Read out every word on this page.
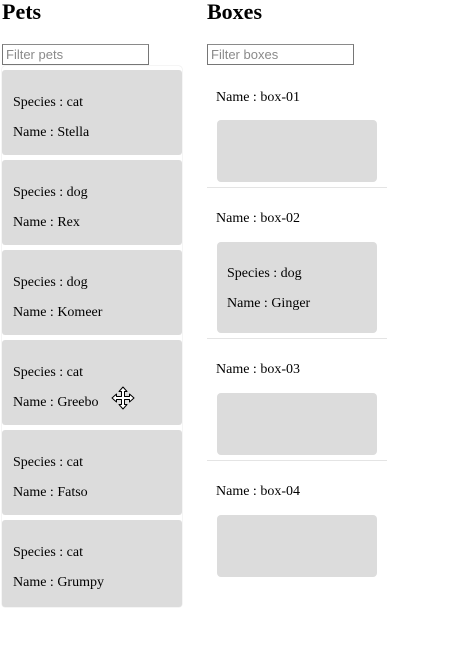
Pets
Filter pets
Species : cat
Name : Stella
Species : dog
Name : Rex
Species : dog
Name : Komeer
Species : cat
Name : Greebo
Species : cat
Name : Fatso
Species : cat
Name : Grumpy
Boxes
Filter boxes
Name : box-01
Name : box-02
Species : dog
Name : Ginger
Name : box-03
Name : box-04
